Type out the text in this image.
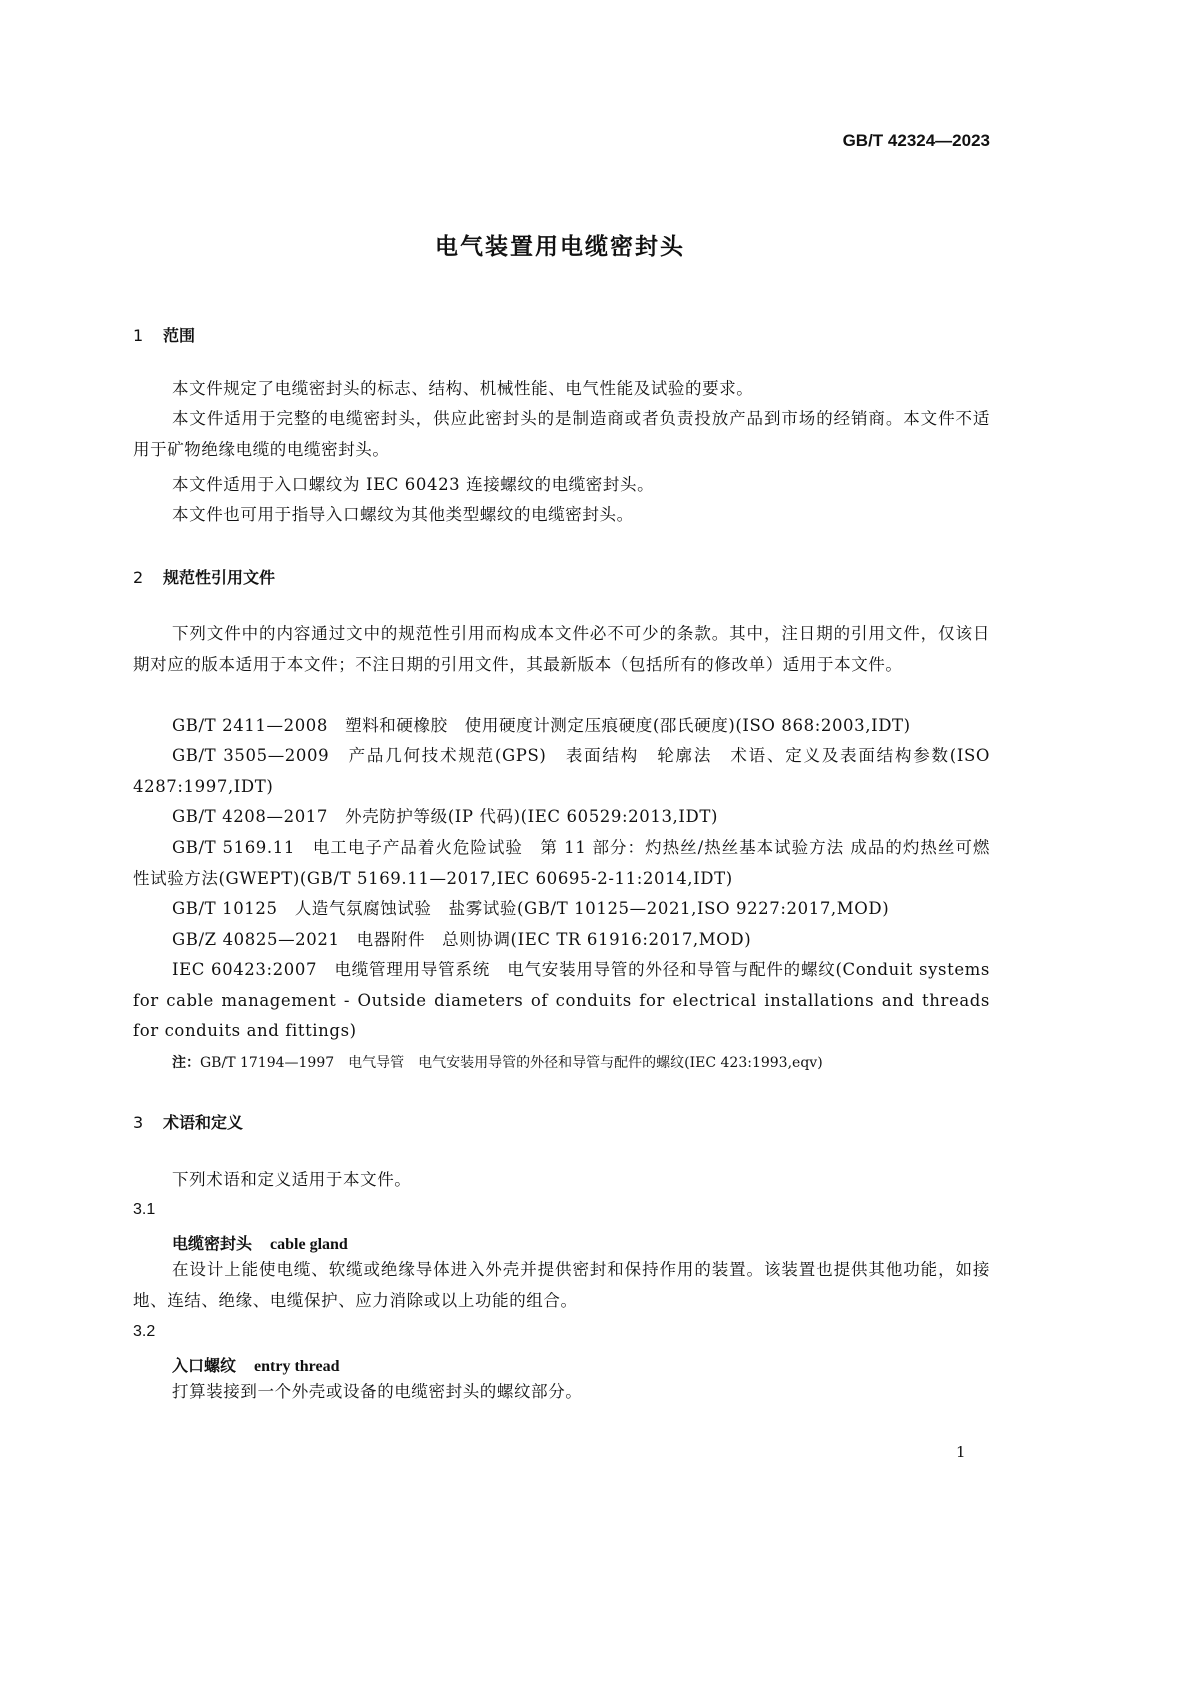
GB/T 42324—2023
电气装置用电缆密封头
1 范围
本文件规定了电缆密封头的标志、结构、机械性能、电气性能及试验的要求。
本文件适用于完整的电缆密封头，供应此密封头的是制造商或者负责投放产品到市场的经销商。本文件不适用于矿物绝缘电缆的电缆密封头。
本文件适用于入口螺纹为 IEC 60423 连接螺纹的电缆密封头。
本文件也可用于指导入口螺纹为其他类型螺纹的电缆密封头。
2 规范性引用文件
下列文件中的内容通过文中的规范性引用而构成本文件必不可少的条款。其中，注日期的引用文件，仅该日期对应的版本适用于本文件；不注日期的引用文件，其最新版本（包括所有的修改单）适用于本文件。
GB/T 2411—2008　塑料和硬橡胶　使用硬度计测定压痕硬度(邵氏硬度)(ISO 868:2003,IDT)
GB/T 3505—2009　产品几何技术规范(GPS)　表面结构　轮廓法　术语、定义及表面结构参数(ISO 4287:1997,IDT)
GB/T 4208—2017　外壳防护等级(IP 代码)(IEC 60529:2013,IDT)
GB/T 5169.11　电工电子产品着火危险试验　第 11 部分：灼热丝/热丝基本试验方法 成品的灼热丝可燃性试验方法(GWEPT)(GB/T 5169.11—2017,IEC 60695-2-11:2014,IDT)
GB/T 10125　人造气氛腐蚀试验　盐雾试验(GB/T 10125—2021,ISO 9227:2017,MOD)
GB/Z 40825—2021　电器附件　总则协调(IEC TR 61916:2017,MOD)
IEC 60423:2007　电缆管理用导管系统　电气安装用导管的外径和导管与配件的螺纹(Conduit systems for cable management - Outside diameters of conduits for electrical installations and threads for conduits and fittings)
注：GB/T 17194—1997　电气导管　电气安装用导管的外径和导管与配件的螺纹(IEC 423:1993,eqv)
3 术语和定义
下列术语和定义适用于本文件。
3.1
电缆密封头 cable gland
在设计上能使电缆、软缆或绝缘导体进入外壳并提供密封和保持作用的装置。该装置也提供其他功能，如接地、连结、绝缘、电缆保护、应力消除或以上功能的组合。
3.2
入口螺纹 entry thread
打算装接到一个外壳或设备的电缆密封头的螺纹部分。
1
